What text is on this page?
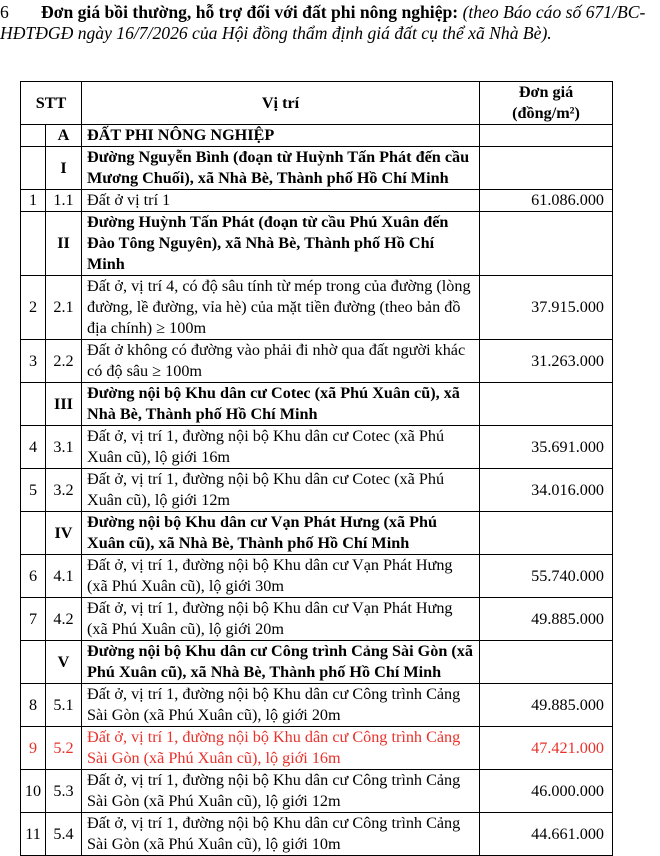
6 Đơn giá bồi thường, hỗ trợ đối với đất phi nông nghiệp: (theo Báo cáo số 671/BC-HĐTĐGĐ ngày 16/7/2026 của Hội đồng thẩm định giá đất cụ thể xã Nhà Bè).
STT		Vị trí	Đơn giá (đồng/m²)
	A	ĐẤT PHI NÔNG NGHIỆP	
	I	Đường Nguyễn Bình (đoạn từ Huỳnh Tấn Phát đến cầu Mương Chuối), xã Nhà Bè, Thành phố Hồ Chí Minh	
1	1.1	Đất ở vị trí 1	61.086.000
	II	Đường Huỳnh Tấn Phát (đoạn từ cầu Phú Xuân đến Đào Tông Nguyên), xã Nhà Bè, Thành phố Hồ Chí Minh	
2	2.1	Đất ở, vị trí 4, có độ sâu tính từ mép trong của đường (lòng đường, lề đường, vỉa hè) của mặt tiền đường (theo bản đồ địa chính) ≥ 100m	37.915.000
3	2.2	Đất ở không có đường vào phải đi nhờ qua đất người khác có độ sâu ≥ 100m	31.263.000
	III	Đường nội bộ Khu dân cư Cotec (xã Phú Xuân cũ), xã Nhà Bè, Thành phố Hồ Chí Minh	
4	3.1	Đất ở, vị trí 1, đường nội bộ Khu dân cư Cotec (xã Phú Xuân cũ), lộ giới 16m	35.691.000
5	3.2	Đất ở, vị trí 1, đường nội bộ Khu dân cư Cotec (xã Phú Xuân cũ), lộ giới 12m	34.016.000
	IV	Đường nội bộ Khu dân cư Vạn Phát Hưng (xã Phú Xuân cũ), xã Nhà Bè, Thành phố Hồ Chí Minh	
6	4.1	Đất ở, vị trí 1, đường nội bộ Khu dân cư Vạn Phát Hưng (xã Phú Xuân cũ), lộ giới 30m	55.740.000
7	4.2	Đất ở, vị trí 1, đường nội bộ Khu dân cư Vạn Phát Hưng (xã Phú Xuân cũ), lộ giới 20m	49.885.000
	V	Đường nội bộ Khu dân cư Công trình Cảng Sài Gòn (xã Phú Xuân cũ), xã Nhà Bè, Thành phố Hồ Chí Minh	
8	5.1	Đất ở, vị trí 1, đường nội bộ Khu dân cư Công trình Cảng Sài Gòn (xã Phú Xuân cũ), lộ giới 20m	49.885.000
9	5.2	Đất ở, vị trí 1, đường nội bộ Khu dân cư Công trình Cảng Sài Gòn (xã Phú Xuân cũ), lộ giới 16m	47.421.000
10	5.3	Đất ở, vị trí 1, đường nội bộ Khu dân cư Công trình Cảng Sài Gòn (xã Phú Xuân cũ), lộ giới 12m	46.000.000
11	5.4	Đất ở, vị trí 1, đường nội bộ Khu dân cư Công trình Cảng Sài Gòn (xã Phú Xuân cũ), lộ giới 10m	44.661.000
